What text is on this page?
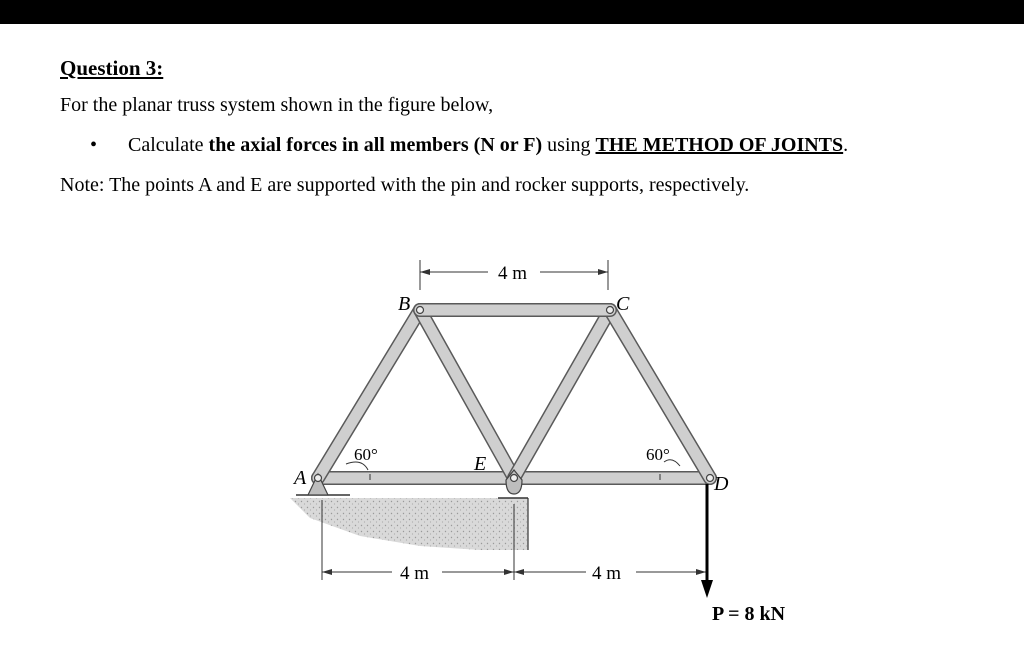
Question 3:
For the planar truss system shown in the figure below,
• Calculate the axial forces in all members (N or F) using THE METHOD OF JOINTS.
Note: The points A and E are supported with the pin and rocker supports, respectively.
A
B	C
D
E
60°	60°
4 m
4 m	4 m
P = 8 kN
